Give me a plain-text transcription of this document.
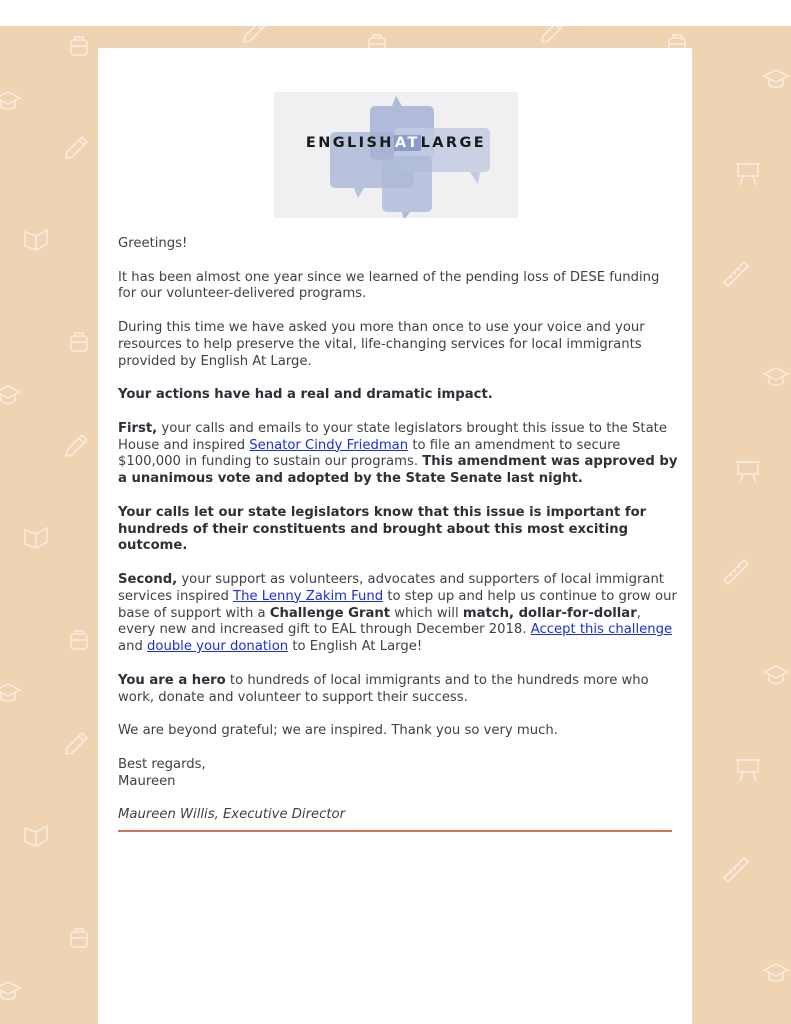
ENGLISHATLARGE

Greetings!

It has been almost one year since we learned of the pending loss of DESE funding for our volunteer-delivered programs.

During this time we have asked you more than once to use your voice and your resources to help preserve the vital, life-changing services for local immigrants provided by English At Large.

Your actions have had a real and dramatic impact.

First, your calls and emails to your state legislators brought this issue to the State House and inspired Senator Cindy Friedman to file an amendment to secure $100,000 in funding to sustain our programs. This amendment was approved by a unanimous vote and adopted by the State Senate last night.

Your calls let our state legislators know that this issue is important for hundreds of their constituents and brought about this most exciting outcome.

Second, your support as volunteers, advocates and supporters of local immigrant services inspired The Lenny Zakim Fund to step up and help us continue to grow our base of support with a Challenge Grant which will match, dollar-for-dollar, every new and increased gift to EAL through December 2018. Accept this challenge and double your donation to English At Large!

You are a hero to hundreds of local immigrants and to the hundreds more who work, donate and volunteer to support their success.

We are beyond grateful; we are inspired. Thank you so very much.

Best regards,
Maureen

Maureen Willis, Executive Director
